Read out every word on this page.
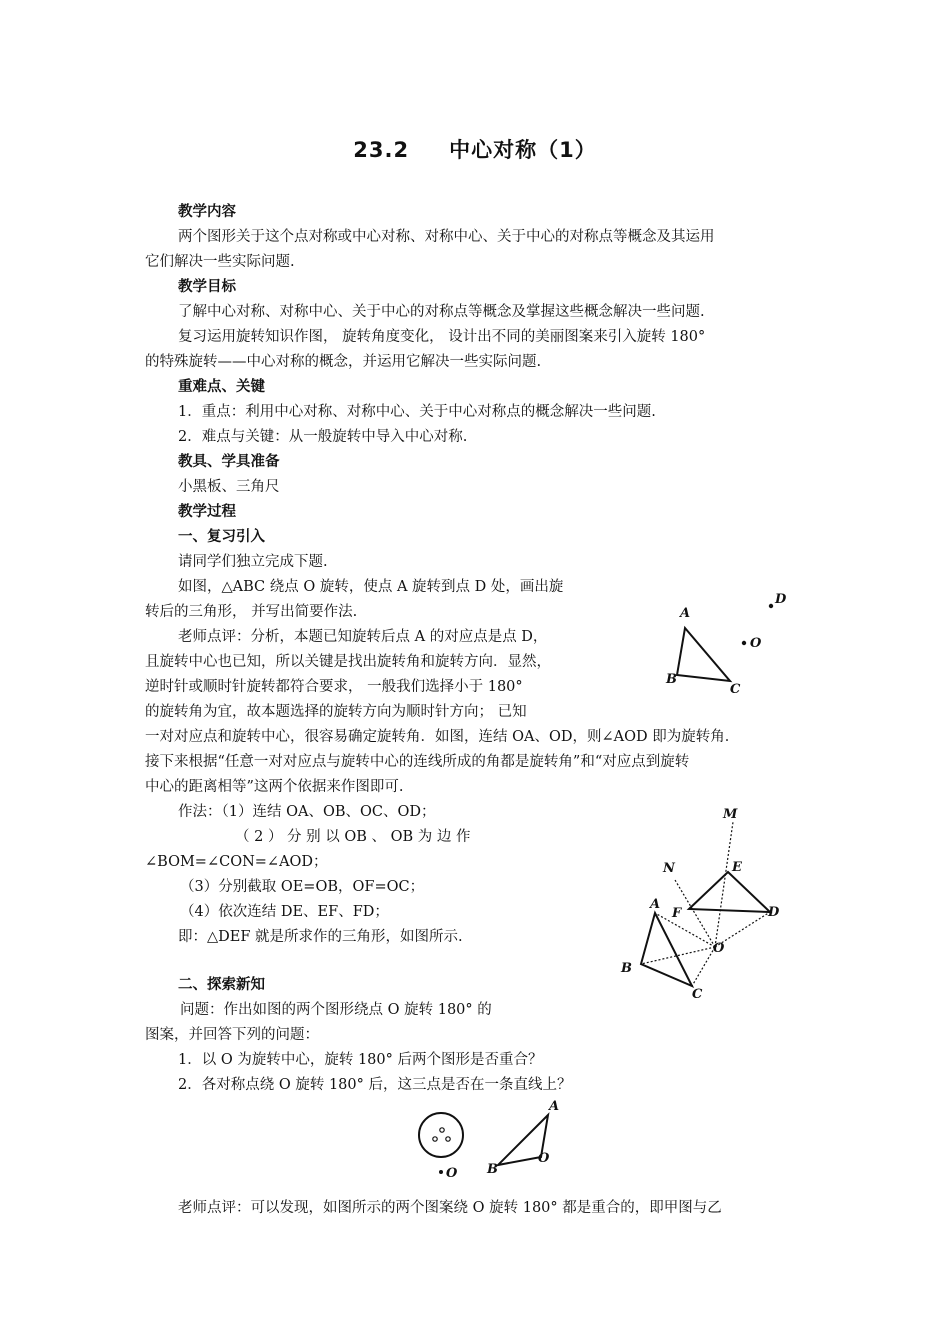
23.2 中心对称（1）
教学内容
两个图形关于这个点对称或中心对称、对称中心、关于中心的对称点等概念及其运用
它们解决一些实际问题.
教学目标
了解中心对称、对称中心、关于中心的对称点等概念及掌握这些概念解决一些问题.
复习运用旋转知识作图， 旋转角度变化， 设计出不同的美丽图案来引入旋转 180°
的特殊旋转——中心对称的概念，并运用它解决一些实际问题.
重难点、关键
1．重点：利用中心对称、对称中心、关于中心对称点的概念解决一些问题.
2．难点与关键：从一般旋转中导入中心对称.
教具、学具准备
小黑板、三角尺
教学过程
一、复习引入
请同学们独立完成下题.
如图，△ABC 绕点 O 旋转，使点 A 旋转到点 D 处，画出旋
转后的三角形， 并写出简要作法.
老师点评：分析，本题已知旋转后点 A 的对应点是点 D，
且旋转中心也已知，所以关键是找出旋转角和旋转方向．显然，
逆时针或顺时针旋转都符合要求， 一般我们选择小于 180°
的旋转角为宜，故本题选择的旋转方向为顺时针方向； 已知
一对对应点和旋转中心，很容易确定旋转角．如图，连结 OA、OD，则∠AOD 即为旋转角．
接下来根据“任意一对对应点与旋转中心的连线所成的角都是旋转角”和“对应点到旋转
中心的距离相等”这两个依据来作图即可.
作法：（1）连结 OA、OB、OC、OD；
（ 2 ） 分 别 以 OB 、 OB 为 边 作
∠BOM=∠CON=∠AOD；
（3）分别截取 OE=OB，OF=OC；
（4）依次连结 DE、EF、FD；
即：△DEF 就是所求作的三角形，如图所示.
二、探索新知
问题：作出如图的两个图形绕点 O 旋转 180° 的
图案，并回答下列的问题：
1．以 O 为旋转中心，旋转 180° 后两个图形是否重合？
2．各对称点绕 O 旋转 180° 后，这三点是否在一条直线上？
老师点评：可以发现，如图所示的两个图案绕 O 旋转 180° 都是重合的，即甲图与乙
A
B
C
D
O
M
N	E
A
F	D
O
B
C
O
A
B
O
